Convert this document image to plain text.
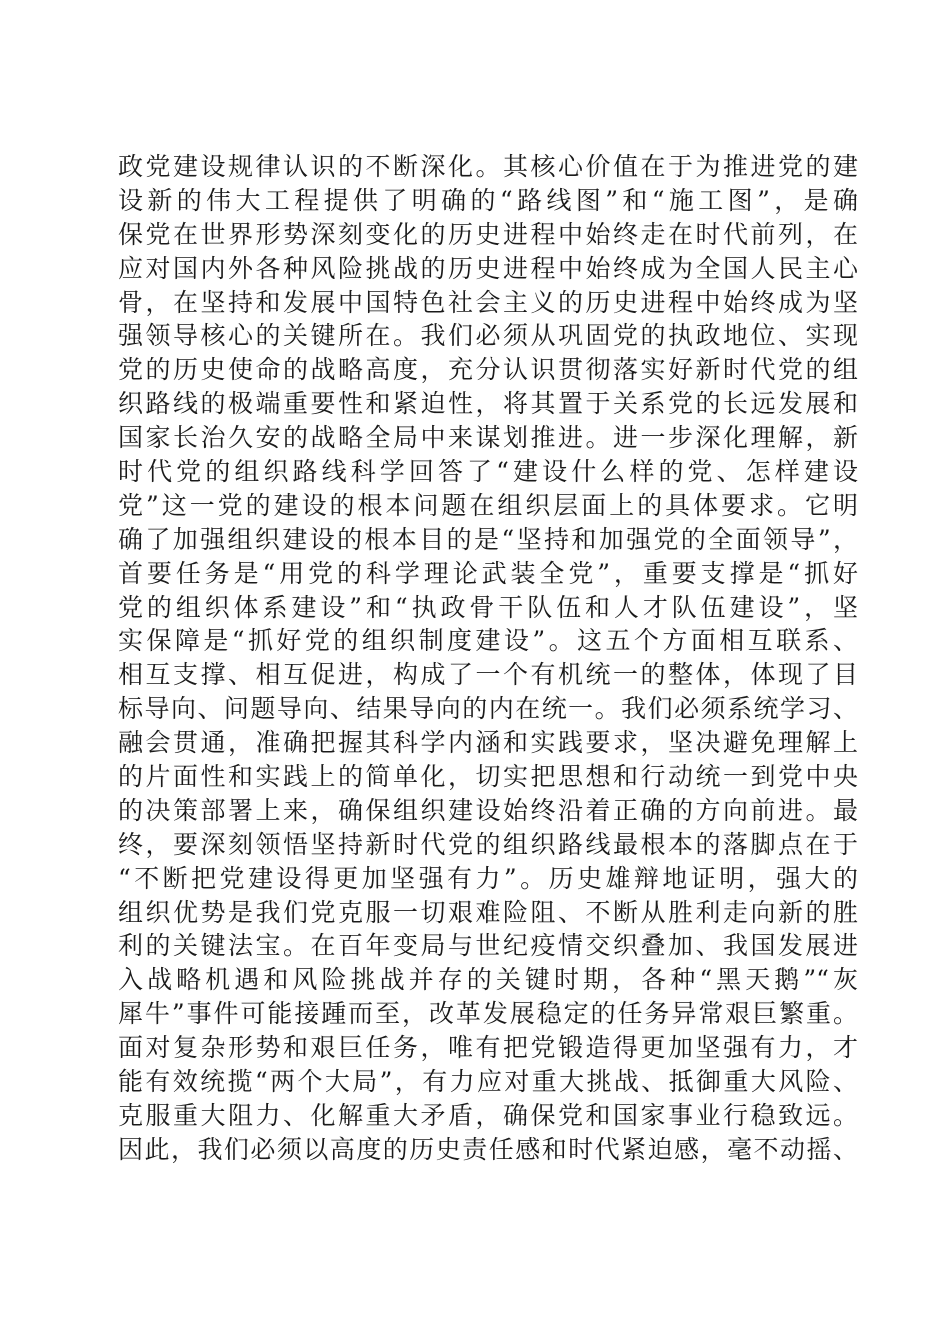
政党建设规律认识的不断深化。其核心价值在于为推进党的建
设新的伟大工程提供了明确的“路线图”和“施工图”，是确
保党在世界形势深刻变化的历史进程中始终走在时代前列，在
应对国内外各种风险挑战的历史进程中始终成为全国人民主心
骨，在坚持和发展中国特色社会主义的历史进程中始终成为坚
强领导核心的关键所在。我们必须从巩固党的执政地位、实现
党的历史使命的战略高度，充分认识贯彻落实好新时代党的组
织路线的极端重要性和紧迫性，将其置于关系党的长远发展和
国家长治久安的战略全局中来谋划推进。进一步深化理解，新
时代党的组织路线科学回答了“建设什么样的党、怎样建设
党”这一党的建设的根本问题在组织层面上的具体要求。它明
确了加强组织建设的根本目的是“坚持和加强党的全面领导”，
首要任务是“用党的科学理论武装全党”，重要支撑是“抓好
党的组织体系建设”和“执政骨干队伍和人才队伍建设”，坚
实保障是“抓好党的组织制度建设”。这五个方面相互联系、
相互支撑、相互促进，构成了一个有机统一的整体，体现了目
标导向、问题导向、结果导向的内在统一。我们必须系统学习、
融会贯通，准确把握其科学内涵和实践要求，坚决避免理解上
的片面性和实践上的简单化，切实把思想和行动统一到党中央
的决策部署上来，确保组织建设始终沿着正确的方向前进。最
终，要深刻领悟坚持新时代党的组织路线最根本的落脚点在于
“不断把党建设得更加坚强有力”。历史雄辩地证明，强大的
组织优势是我们党克服一切艰难险阻、不断从胜利走向新的胜
利的关键法宝。在百年变局与世纪疫情交织叠加、我国发展进
入战略机遇和风险挑战并存的关键时期，各种“黑天鹅”“灰
犀牛”事件可能接踵而至，改革发展稳定的任务异常艰巨繁重。
面对复杂形势和艰巨任务，唯有把党锻造得更加坚强有力，才
能有效统揽“两个大局”，有力应对重大挑战、抵御重大风险、
克服重大阻力、化解重大矛盾，确保党和国家事业行稳致远。
因此，我们必须以高度的历史责任感和时代紧迫感，毫不动摇、
